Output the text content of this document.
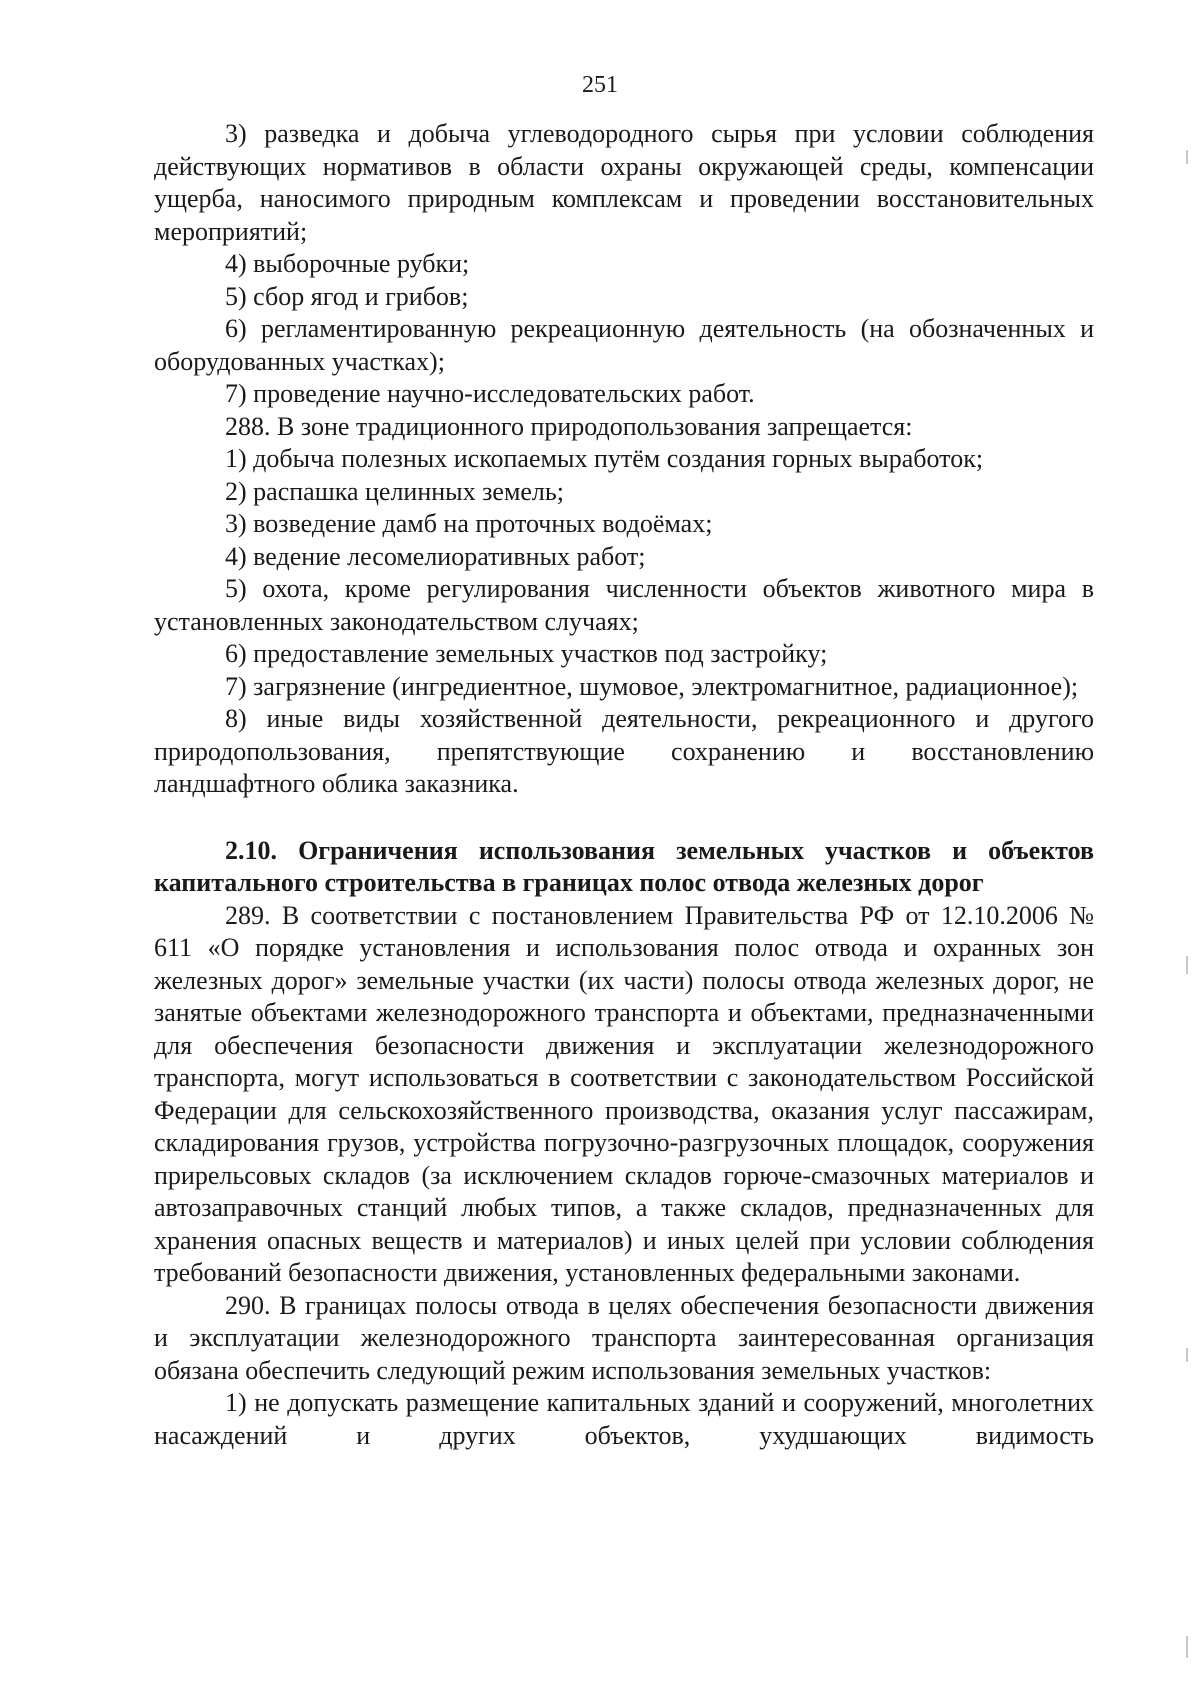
251

3) разведка и добыча углеводородного сырья при условии соблюдения действующих нормативов в области охраны окружающей среды, компенсации ущерба, наносимого природным комплексам и проведении восстановительных мероприятий;

4) выборочные рубки;

5) сбор ягод и грибов;

6) регламентированную рекреационную деятельность (на обозначенных и оборудованных участках);

7) проведение научно-исследовательских работ.

288. В зоне традиционного природопользования запрещается:

1) добыча полезных ископаемых путём создания горных выработок;

2) распашка целинных земель;

3) возведение дамб на проточных водоёмах;

4) ведение лесомелиоративных работ;

5) охота, кроме регулирования численности объектов животного мира в установленных законодательством случаях;

6) предоставление земельных участков под застройку;

7) загрязнение (ингредиентное, шумовое, электромагнитное, радиационное);

8) иные виды хозяйственной деятельности, рекреационного и другого природопользования, препятствующие сохранению и восстановлению ландшафтного облика заказника.

2.10. Ограничения использования земельных участков и объектов капитального строительства в границах полос отвода железных дорог

289. В соответствии с постановлением Правительства РФ от 12.10.2006 № 611 «О порядке установления и использования полос отвода и охранных зон железных дорог» земельные участки (их части) полосы отвода железных дорог, не занятые объектами железнодорожного транспорта и объектами, предназначенными для обеспечения безопасности движения и эксплуатации железнодорожного транспорта, могут использоваться в соответствии с законодательством Российской Федерации для сельскохозяйственного производства, оказания услуг пассажирам, складирования грузов, устройства погрузочно-разгрузочных площадок, сооружения прирельсовых складов (за исключением складов горюче-смазочных материалов и автозаправочных станций любых типов, а также складов, предназначенных для хранения опасных веществ и материалов) и иных целей при условии соблюдения требований безопасности движения, установленных федеральными законами.

290. В границах полосы отвода в целях обеспечения безопасности движения и эксплуатации железнодорожного транспорта заинтересованная организация обязана обеспечить следующий режим использования земельных участков:

1) не допускать размещение капитальных зданий и сооружений, многолетних насаждений и других объектов, ухудшающих видимость
